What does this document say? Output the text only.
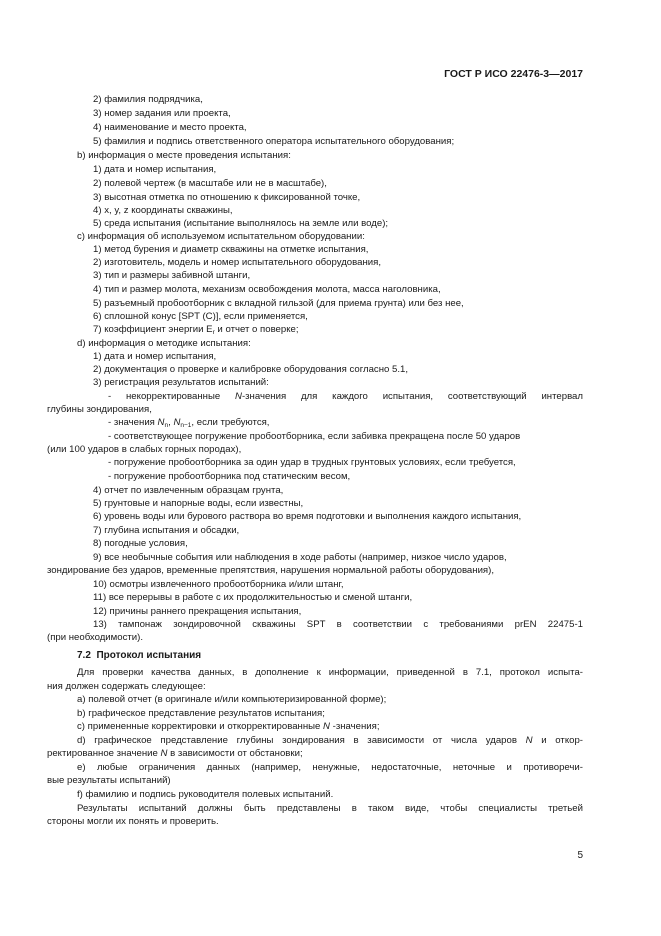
ГОСТ Р ИСО 22476-3—2017
2) фамилия подрядчика,
3) номер задания или проекта,
4) наименование и место проекта,
5) фамилия и подпись ответственного оператора испытательного оборудования;
b) информация о месте проведения испытания:
1) дата и номер испытания,
2) полевой чертеж (в масштабе или не в масштабе),
3) высотная отметка по отношению к фиксированной точке,
4) x, y, z координаты скважины,
5) среда испытания (испытание выполнялось на земле или воде);
c) информация об используемом испытательном оборудовании:
1) метод бурения и диаметр скважины на отметке испытания,
2) изготовитель, модель и номер испытательного оборудования,
3) тип и размеры забивной штанги,
4) тип и размер молота, механизм освобождения молота, масса наголовника,
5) разъемный пробоотборник с вкладной гильзой (для приема грунта) или без нее,
6) сплошной конус [SPT (C)], если применяется,
7) коэффициент энергии $E_r$ и отчет о поверке;
d) информация о методике испытания:
1) дата и номер испытания,
2) документация о проверке и калибровке оборудования согласно 5.1,
3) регистрация результатов испытаний:
- некорректированные N-значения для каждого испытания, соответствующий интервал
глубины зондирования,
- значения $N_n$, $N_{n-1}$, если требуются,
- соответствующее погружение пробоотборника, если забивка прекращена после 50 ударов
(или 100 ударов в слабых горных породах),
- погружение пробоотборника за один удар в трудных грунтовых условиях, если требуется,
- погружение пробоотборника под статическим весом,
4) отчет по извлеченным образцам грунта,
5) грунтовые и напорные воды, если известны,
6) уровень воды или бурового раствора во время подготовки и выполнения каждого испытания,
7) глубина испытания и обсадки,
8) погодные условия,
9) все необычные события или наблюдения в ходе работы (например, низкое число ударов,
зондирование без ударов, временные препятствия, нарушения нормальной работы оборудования),
10) осмотры извлеченного пробоотборника и/или штанг,
11) все перерывы в работе с их продолжительностью и сменой штанги,
12) причины раннего прекращения испытания,
13) тампонаж зондировочной скважины SPT в соответствии с требованиями prEN 22475-1
(при необходимости).
7.2 Протокол испытания
Для проверки качества данных, в дополнение к информации, приведенной в 7.1, протокол испыта-
ния должен содержать следующее:
a) полевой отчет (в оригинале и/или компьютеризированной форме);
b) графическое представление результатов испытания;
c) примененные корректировки и откорректированные N -значения;
d) графическое представление глубины зондирования в зависимости от числа ударов N и откор-
ректированное значение N в зависимости от обстановки;
e) любые ограничения данных (например, ненужные, недостаточные, неточные и противоречи-
вые результаты испытаний)
f) фамилию и подпись руководителя полевых испытаний.
Результаты испытаний должны быть представлены в таком виде, чтобы специалисты третьей
стороны могли их понять и проверить.
5
